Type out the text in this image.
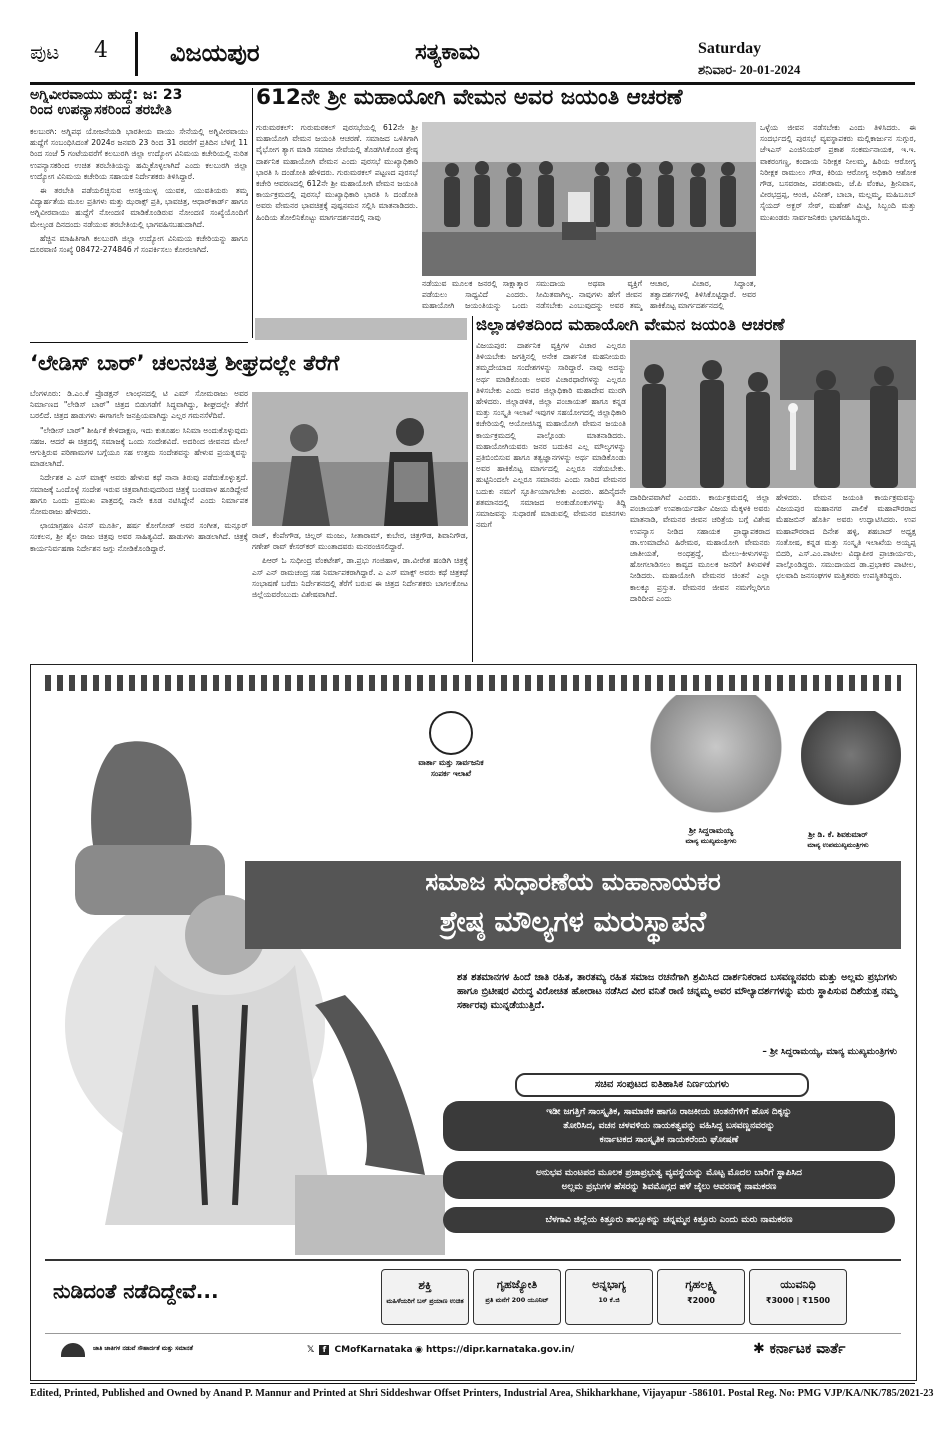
ಪುಟ 4	ವಿಜಯಪುರ	ಸತ್ಯಕಾಮ	Saturday
ಶನಿವಾರ- 20-01-2024
ಅಗ್ನಿವೀರವಾಯು ಹುದ್ದೆ: ಜ: 23
ರಿಂದ ಉಪನ್ಯಾಸಕರಿಂದ ತರಬೇತಿ

ಕಲಬುರಗಿ: ಅಗ್ನಿಪಥ ಯೋಜನೆಯಡಿ ಭಾರತೀಯ ವಾಯು ಸೇನೆಯಲ್ಲಿ ಅಗ್ನಿವೀರವಾಯು ಹುದ್ದೆಗೆ ಸಂಬಂಧಿಸಿದಂತೆ 2024ರ ಜನವರಿ 23 ರಿಂದ 31 ರವರೆಗೆ ಪ್ರತಿದಿನ ಬೆಳಿಗ್ಗೆ 11 ರಿಂದ ಸಂಜೆ 5 ಗಂಟೆಯವರೆಗೆ ಕಲಬುರಗಿ ಜಿಲ್ಲಾ ಉದ್ಯೋಗ ವಿನಿಮಯ ಕಚೇರಿಯಲ್ಲಿ ನುರಿತ ಉಪನ್ಯಾಸಕರಿಂದ ಉಚಿತ ತರಬೇತಿಯನ್ನು ಹಮ್ಮಿಕೊಳ್ಳಲಾಗಿದೆ ಎಂದು ಕಲಬುರಗಿ ಜಿಲ್ಲಾ ಉದ್ಯೋಗ ವಿನಿಮಯ ಕಚೇರಿಯ ಸಹಾಯಕ ನಿರ್ದೇಶಕರು ತಿಳಿಸಿದ್ದಾರೆ.

ಈ ತರಬೇತಿ ಪಡೆಯಲಿಚ್ಛಿಸುವ ಆಸಕ್ತಿಯುಳ್ಳ ಯುವಕ, ಯುವತಿಯರು ತಮ್ಮ ವಿದ್ಯಾರ್ಹತೆಯ ಮೂಲ ಪ್ರತಿಗಳು ಮತ್ತು ಝರಾಕ್ಸ್ ಪ್ರತಿ, ಭಾವಚಿತ್ರ, ಆಧಾರ್‌ಕಾರ್ಡ್ ಹಾಗೂ ಅಗ್ನಿವೀರವಾಯು ಹುದ್ದೆಗೆ ನೋಂದಣಿ ಮಾಡಿಕೊಂಡಿರುವ ನೋಂದಣಿ ಸಂಖ್ಯೆಯೊಂದಿಗೆ ಮೇಲ್ಕಂಡ ದಿನದಂದು ನಡೆಯುವ ತರಬೇತಿಯಲ್ಲಿ ಭಾಗವಹಿಸಬಹುದಾಗಿದೆ.

ಹೆಚ್ಚಿನ ಮಾಹಿತಿಗಾಗಿ ಕಲಬುರಗಿ ಜಿಲ್ಲಾ ಉದ್ಯೋಗ ವಿನಿಮಯ ಕಚೇರಿಯನ್ನು ಹಾಗೂ ದೂರವಾಣಿ ಸಂಖ್ಯೆ 08472-274846 ಗೆ ಸಂಪರ್ಕಿಸಲು ಕೋರಲಾಗಿದೆ.

612ನೇ ಶ್ರೀ ಮಹಾಯೋಗಿ ವೇಮನ ಅವರ ಜಯಂತಿ ಆಚರಣೆ
ಗುರುಮಠಕಲ್: ಗುರುಮಠಕಲ್ ಪುರಸಭೆಯಲ್ಲಿ 612ನೇ ಶ್ರೀ ಮಹಾಯೋಗಿ ವೇಮನ ಜಯಂತಿ ಆಚರಣೆ. ಸಮಾಜದ ಒಳಿತಿಗಾಗಿ ವೈಭೋಗ ತ್ಯಾಗ ಮಾಡಿ ಸಮಾಜ ಸೇವೆಯಲ್ಲಿ ತೊಡಗಿಸಿಕೊಂಡ ಶ್ರೇಷ್ಠ ದಾರ್ಶನಿಕ ಮಹಾಯೋಗಿ ವೇಮನ ಎಂದು ಪುರಸಭೆ ಮುಖ್ಯಾಧಿಕಾರಿ ಭಾರತಿ ಸಿ ದಂಡೋತಿ ಹೇಳಿದರು. ಗುರುಮಠಕಲ್ ಪಟ್ಟಣದ ಪುರಸಭೆ ಕಚೇರಿ ಆವರಣದಲ್ಲಿ 612ನೇ ಶ್ರೀ ಮಹಾಯೋಗಿ ವೇಮನ ಜಯಂತಿ ಕಾರ್ಯಕ್ರಮದಲ್ಲಿ ಪುರಸಭೆ ಮುಖ್ಯಾಧಿಕಾರಿ ಭಾರತಿ ಸಿ ದಂಡೋತಿ ಅವರು ವೇಮನರ ಭಾವಚಿತ್ರಕ್ಕೆ ಪುಷ್ಪನಮನ ಸಲ್ಲಿಸಿ ಮಾತನಾಡಿದರು. ಹಿಂದಿಯ ತೋಲಿನಿಕೊಟ್ಟು ಮಾರ್ಗದರ್ಶನದಲ್ಲಿ ನಾವು
ನಡೆಯುವ ಮೂಲಕ ಜನರಲ್ಲಿ ಸಾಕ್ಷಾತ್ಕಾರ ಪಡೆಯಲು ಸಾಧ್ಯವಿದೆ ಎಂದರು. ಮಹಾಯೋಗಿ ಜಯಂತಿಯನ್ನು ಒಂದು ಸಮುದಾಯ ಅಥವಾ ವ್ಯಕ್ತಿಗೆ ಸೀಮಿತವಾಗಿಲ್ಲ. ನಾವುಗಳು ಹೇಗೆ ಜೀವನ ನಡೆಸಬೇಕು ಎಂಬುವುದನ್ನು ಅವರ ತಮ್ಮ ಆಚಾರ, ವಿಚಾರ, ಸಿದ್ಧಾಂತ, ತತ್ವಾದರ್ಶಗಳಲ್ಲಿ ತಿಳಿಸಿಕೊಟ್ಟಿದ್ದಾರೆ. ಅವರ ಹಾಕಿಕೊಟ್ಟ ಮಾರ್ಗದರ್ಶನದಲ್ಲಿ
ಒಳ್ಳೆಯ ಜೀವನ ನಡೆಸಬೇಕು ಎಂದು ತಿಳಿಸಿದರು. ಈ ಸಂದರ್ಭದಲ್ಲಿ ಪುರಸಭೆ ವ್ಯವಸ್ಥಾಪಕರು ಮಲ್ಲಿಕಾರ್ಜುನ ಸುಗ್ಗುರ, ಜೆಇಎಸ್ ಎಂಜಿನಿಯರ್ ಪ್ರಕಾಶ ಸಂಕರ್ಮನಾಯಕ, ಇ.ಇ. ವಾಕರಂಗಣ್ಣ, ಕಂದಾಯ ನಿರೀಕ್ಷಕ ನೀಲಮ್ಮ, ಹಿರಿಯ ಆರೋಗ್ಯ ನಿರೀಕ್ಷಕ ರಾಮುಲು ಗೌಡ, ಕಿರಿಯ ಆರೋಗ್ಯ ಅಧಿಕಾರಿ ಆಶೋಕ ಗೌಡ, ಬಸವರಾಜ, ಪರಶುರಾಮ, ಜೆ.ಪಿ ವೆಂಕಟ, ಶ್ರೀನಿವಾಸ, ವೀರಭದ್ರಪ್ಪ, ಆಂಜಿ, ವಿನೀತ್, ಬಾಬಾ, ಮಲ್ಲಮ್ಮ, ಮಹಿಬೂಬ್ ಸೈಯದ್ ಅಕ್ಬರ್ ಸೇಠ್, ಮಹೇಶ್ ಮಿಟ್ಟಿ, ಸಿಬ್ಬಂದಿ ಮತ್ತು ಮುಖಂಡರು ಸಾರ್ವಜನಿಕರು ಭಾಗವಹಿಸಿದ್ದರು.
‘ಲೇಡಿಸ್ ಬಾರ್’ ಚಲನಚಿತ್ರ ಶೀಘ್ರದಲ್ಲೇ ತೆರೆಗೆ

ಬೆಂಗಳೂರು: ಡಿ.ಎಂ.ಕೆ ಪ್ರೊಡಕ್ಷನ್ ಲಾಂಛನದಲ್ಲಿ ಟಿ ಎಮ್ ಸೋಮರಾಜು ಅವರ ನಿರ್ಮಾಣದ "ಲೇಡಿಸ್ ಬಾರ್" ಚಿತ್ರದ ಬಿಡುಗಡೆಗೆ ಸಿದ್ಧವಾಗಿದ್ದು, ಶೀಘ್ರದಲ್ಲೇ ತೆರೆಗೆ ಬರಲಿದೆ. ಚಿತ್ರದ ಹಾಡುಗಳು ಈಗಾಗಲೇ ಜನಪ್ರಿಯವಾಗಿದ್ದು ಎಲ್ಲರ ಗಮನಸೆಳೆದಿವೆ.

"ಲೇಡೀಸ್ ಬಾರ್" ಶೀರ್ಷಿಕೆ ಕೇಳಿದಾಕ್ಷಣ, ಇದು ಕುತೂಹಲ ಸಿನಿಮಾ ಅಂದುಕೊಳ್ಳುವುದು ಸಹಜ. ಆದರೆ ಈ ಚಿತ್ರದಲ್ಲಿ ಸಮಾಜಕ್ಕೆ ಒಂದು ಸಂದೇಶವಿದೆ. ಅದರಿಂದ ಜೀವನದ ಮೇಲೆ ಆಗುತ್ತಿರುವ ಪರಿಣಾಮಗಳ ಬಗ್ಗೆಯೂ ಸಹ ಉತ್ತಮ ಸಂದೇಶವನ್ನು ಹೇಳುವ ಪ್ರಯತ್ನವನ್ನು ಮಾಡಲಾಗಿದೆ.

ನಿರ್ದೇಶಕ ಎ ಎಸ್ ಮಾಕ್ಸ್ ಅವರು ಹೇಳುವ ಕಥೆ ನಾನಾ ತಿರುವು ಪಡೆದುಕೊಳ್ಳುತ್ತದೆ. ಸಮಾಜಕ್ಕೆ ಒಂದೊಳ್ಳೆ ಸಂದೇಶ ಇರುವ ಚಿತ್ರವಾಗಿರುವುದರಿಂದ ಚಿತ್ರಕ್ಕೆ ಬಂಡವಾಳ ಹೂಡಿದ್ದೇವೆ ಹಾಗೂ ಒಂದು ಪ್ರಮುಖ ಪಾತ್ರದಲ್ಲಿ ನಾನೇ ಕೂಡ ನಟಿಸಿದ್ದೇನೆ ಎಂದು ನಿರ್ಮಾಪಕ ಸೋಮರಾಜು ಹೇಳಿದರು.

ಛಾಯಾಗ್ರಹಣ ವಿನಸ್ ಮೂರ್ತಿ, ಹರ್ಷ ಕೋಗೋಡ್ ಅವರ ಸಂಗೀತ, ಮನ್ಸೂರ್ ಸಂಕಲನ, ಶ್ರೀ ಶೈಲ ರಾಜು ಚಿತ್ರವು ಅವರ ಸಾಹಿತ್ಯವಿದೆ. ಹಾಡುಗಳು ಹಾಡಲಾಗಿದೆ. ಚಿತ್ರಕ್ಕೆ ಕಾರ್ಯನಿರ್ವಹಣಾ ನಿರ್ದೇಶನ ಜಗ್ಗು ನೋಡಿಕೊಂಡಿದ್ದಾರೆ.

ರಾಜ್, ಕೆಂಪೇಗೌಡ, ಚಿಲ್ಲರ್ ಮಂಜು, ಸೀತಾರಾಮ್, ಕುಬೇರ, ಚಿತ್ರಗೌಡ, ಶಿವಾನಿಗೌಡ, ಗಣೇಶ್ ರಾವ್ ಕೇಸರ್‌ಕರ್ ಮುಂತಾದವರು ಮನರಂಜಿಸಲಿದ್ದಾರೆ.

ಪಿಆರ್ ಓ ಸುಧೀಂದ್ರ ವೆಂಕಟೇಶ್, ಡಾ.ಪ್ರಭು ಗಂಜಿಹಾಳ, ಡಾ.ವೀರೇಶ ಹಂಡಿಗಿ ಚಿತ್ರಕ್ಕೆ ಎಸ್ ಎನ್ ರಾಮಚಂದ್ರ ಸಹ ನಿರ್ಮಾಪಕರಾಗಿದ್ದಾರೆ. ಎ ಎಸ್ ಮಾಕ್ಸ್ ಅವರು ಕಥೆ ಚಿತ್ರಕಥೆ ಸಂಭಾಷಣೆ ಬರೆದು ನಿರ್ದೇಶನದಲ್ಲಿ ತೆರೆಗೆ ಬರುವ ಈ ಚಿತ್ರದ ನಿರ್ದೇಶಕರು ಬಾಗಲಕೋಟ ಜಿಲ್ಲೆಯವರೆಂಬುದು ವಿಶೇಷವಾಗಿದೆ.

ಜಿಲ್ಲಾಡಳಿತದಿಂದ ಮಹಾಯೋಗಿ ವೇಮನ ಜಯಂತಿ ಆಚರಣೆ
ವಿಜಯಪುರ: ದಾರ್ಶನಿಕ ವ್ಯಕ್ತಿಗಳ ವಿಚಾರ ಎಲ್ಲರೂ ತಿಳಿಯಬೇಕು ಜಗತ್ತಿನಲ್ಲಿ ಅನೇಕ ದಾರ್ಶನಿಕ ಮಹನೀಯರು ತಮ್ಮದೇಯಾದ ಸಂದೇಶಗಳನ್ನು ಸಾರಿದ್ದಾರೆ. ನಾವು ಅದನ್ನು ಅರ್ಥ ಮಾಡಿಕೊಂಡು ಅವರ ವಿಚಾರಧಾರೆಗಳನ್ನು ಎಲ್ಲರೂ ತಿಳಿಸಬೇಕು ಎಂದು ಅಪರ ಜಿಲ್ಲಾಧಿಕಾರಿ ಮಹಾದೇವ ಮುರಗಿ ಹೇಳಿದರು. ಜಿಲ್ಲಾಡಳಿತ, ಜಿಲ್ಲಾ ಪಂಚಾಯತ್ ಹಾಗೂ ಕನ್ನಡ ಮತ್ತು ಸಂಸ್ಕೃತಿ ಇಲಾಖೆ ಇವುಗಳ ಸಹಯೋಗದಲ್ಲಿ ಜಿಲ್ಲಾಧಿಕಾರಿ ಕಚೇರಿಯಲ್ಲಿ ಆಯೋಜಿಸಿದ್ದ ಮಹಾಯೋಗಿ ವೇಮನ ಜಯಂತಿ ಕಾರ್ಯಕ್ರಮದಲ್ಲಿ ಪಾಲ್ಗೊಂಡು ಮಾತನಾಡಿದರು. ಮಹಾಯೋಗಿಯವರು ಜನರ ಬದುಕಿನ ಎಲ್ಲ ಮೌಲ್ಯಗಳನ್ನು ಪ್ರತಿಬಿಂಬಿಸುವ ಹಾಗೂ ತತ್ವಜ್ಞಾನಗಳನ್ನು ಅರ್ಥ ಮಾಡಿಕೊಂಡು ಅವರ ಹಾಕಿಕೊಟ್ಟ ಮಾರ್ಗದಲ್ಲಿ ಎಲ್ಲರೂ ನಡೆಯಬೇಕು. ಹುಟ್ಟಿನಿಂದಲೇ ಎಲ್ಲರೂ ಸಮಾನರು ಎಂದು ಸಾರಿದ ವೇಮನರ ಬದುಕು ನಮಗೆ ಸ್ಫೂರ್ತಿಯಾಗಬೇಕು ಎಂದರು. ಹದಿನೈದನೇ ಶತಮಾನದಲ್ಲಿ ಸಮಾಜದ ಅಂಕುಡೊಂಕುಗಳನ್ನು ತಿದ್ದಿ ಸಮಾಜವನ್ನು ಸುಧಾರಣೆ ಮಾಡುವಲ್ಲಿ ವೇಮನರ ವಚನಗಳು ನಮಗೆ
ದಾರಿದೀಪವಾಗಿವೆ ಎಂದರು. ಕಾರ್ಯಕ್ರಮದಲ್ಲಿ ಜಿಲ್ಲಾ ಪಂಚಾಯತ್ ಉಪಕಾರ್ಯದರ್ಶಿ ವಿಜಯ ಮೆಕ್ಕಳಕಿ ಅವರು ಮಾತನಾಡಿ, ವೇಮನರ ಜೀವನ ಚರಿತ್ರೆಯ ಬಗ್ಗೆ ವಿಶೇಷ ಉಪನ್ಯಾಸ ನೀಡಿದ ಸಹಾಯಕ ಪ್ರಾಧ್ಯಾಪಕರಾದ ಡಾ.ಉಮಾದೇವಿ ಹಿರೇಮಠ, ಮಹಾಯೋಗಿ ವೇಮನರು ಜಾತೀಯತೆ, ಅಂಧಶ್ರದ್ಧೆ, ಮೇಲು-ಕೀಳುಗಳನ್ನು ಹೋಗಲಾಡಿಸಲು ಕಾವ್ಯದ ಮೂಲಕ ಜನರಿಗೆ ತಿಳುವಳಿಕೆ ನೀಡಿದರು. ಮಹಾಯೋಗಿ ವೇಮನರ ಚಿಂತನೆ ಎಲ್ಲಾ ಕಾಲಕ್ಕೂ ಪ್ರಸ್ತುತ. ವೇಮನರ ಜೀವನ ನಮಗೆಲ್ಲರಿಗೂ ದಾರಿದೀಪ ಎಂದು
ಹೇಳಿದರು. ವೇಮನ ಜಯಂತಿ ಕಾರ್ಯಕ್ರಮವನ್ನು ವಿಜಯಪುರ ಮಹಾನಗರ ಪಾಲಿಕೆ ಮಹಾಪೌರರಾದ ಮೆಹಜಬಿನ್ ಹೊರ್ತಿ ಅವರು ಉದ್ಘಾಟಿಸಿದರು. ಉಪ ಮಹಾಪೌರರಾದ ದಿನೇಶ ಹಳ್ಳಿ, ಶಹಬಾದ್ ಅಧ್ಯಕ್ಷ ಸಂತೋಷ, ಕನ್ನಡ ಮತ್ತು ಸಂಸ್ಕೃತಿ ಇಲಾಖೆಯ ಅಯ್ಯಪ್ಪ ಬಿದರಿ, ಎಸ್.ಎಂ.ಪಾಟೀಲ ವಿದ್ಯಾಪೀಠ ಪ್ರಾಚಾರ್ಯರು, ಪಾಲ್ಗೊಂಡಿದ್ದರು. ಸಮುದಾಯದ ಡಾ.ಪ್ರಭಾಕರ ಪಾಟೀಲ, ಛಲವಾದಿ ಜನಸಂಘಗಳ ಮತ್ತಿತರರು ಉಪಸ್ಥಿತರಿದ್ದರು.
ವಾರ್ತಾ ಮತ್ತು ಸಾರ್ವಜನಿಕ
ಸಂಪರ್ಕ ಇಲಾಖೆ
ಶ್ರೀ ಸಿದ್ದರಾಮಯ್ಯ
ಮಾನ್ಯ ಮುಖ್ಯಮಂತ್ರಿಗಳು
ಶ್ರೀ ಡಿ. ಕೆ. ಶಿವಕುಮಾರ್
ಮಾನ್ಯ ಉಪಮುಖ್ಯಮಂತ್ರಿಗಳು
ಸಮಾಜ ಸುಧಾರಣೆಯ ಮಹಾನಾಯಕರ
ಶ್ರೇಷ್ಠ ಮೌಲ್ಯಗಳ ಮರುಸ್ಥಾಪನೆ
ಶತ ಶತಮಾನಗಳ ಹಿಂದೆ ಜಾತಿ ರಹಿತ, ತಾರತಮ್ಯ ರಹಿತ ಸಮಾಜ ರಚನೆಗಾಗಿ ಶ್ರಮಿಸಿದ ದಾರ್ಶನಿಕರಾದ ಬಸವಣ್ಣನವರು ಮತ್ತು ಅಲ್ಲಮ ಪ್ರಭುಗಳು ಹಾಗೂ ಬ್ರಿಟೀಷರ ವಿರುದ್ಧ ವಿರೋಚಿತ ಹೋರಾಟ ನಡೆಸಿದ ವೀರ ವನಿತೆ ರಾಣಿ ಚನ್ನಮ್ಮ ಅವರ ಮೌಲ್ಯಾದರ್ಶಗಳನ್ನು ಮರು ಸ್ಥಾಪಿಸುವ ದಿಶೆಯತ್ತ ನಮ್ಮ ಸರ್ಕಾರವು ಮುನ್ನಡೆಯುತ್ತಿದೆ.
– ಶ್ರೀ ಸಿದ್ದರಾಮಯ್ಯ, ಮಾನ್ಯ ಮುಖ್ಯಮಂತ್ರಿಗಳು
ಸಚಿವ ಸಂಪುಟದ ಐತಿಹಾಸಿಕ ನಿರ್ಣಯಗಳು
ಇಡೀ ಜಗತ್ತಿಗೆ ಸಾಂಸ್ಕೃತಿಕ, ಸಾಮಾಜಿಕ ಹಾಗೂ ರಾಜಕೀಯ ಚಿಂತನೆಗಳಿಗೆ ಹೊಸ ದಿಕ್ಕನ್ನು
ತೋರಿಸಿದ, ವಚನ ಚಳವಳಿಯ ನಾಯಕತ್ವವನ್ನು ವಹಿಸಿದ್ದ ಬಸವಣ್ಣನವರನ್ನು
ಕರ್ನಾಟಕದ ಸಾಂಸ್ಕೃತಿಕ ನಾಯಕರೆಂದು ಘೋಷಣೆ
ಅನುಭವ ಮಂಟಪದ ಮೂಲಕ ಪ್ರಜಾಪ್ರಭುತ್ವ ವ್ಯವಸ್ಥೆಯನ್ನು ಮೊಟ್ಟ ಮೊದಲ ಬಾರಿಗೆ ಸ್ಥಾಪಿಸಿದ
ಅಲ್ಲಮ ಪ್ರಭುಗಳ ಹೆಸರನ್ನು ಶಿವಮೊಗ್ಗದ ಹಳೆ ಜೈಲು ಆವರಣಕ್ಕೆ ನಾಮಕರಣ
ಬೆಳಗಾವಿ ಜಿಲ್ಲೆಯ ಕಿತ್ತೂರು ತಾಲ್ಲೂಕನ್ನು ಚನ್ನಮ್ಮನ ಕಿತ್ತೂರು ಎಂದು ಮರು ನಾಮಕರಣ
ನುಡಿದಂತೆ ನಡೆದಿದ್ದೇವೆ...	ಶಕ್ತಿ
ಮಹಿಳೆಯರಿಗೆ ಬಸ್ ಪ್ರಯಾಣ ಉಚಿತ
ಗೃಹಜ್ಯೋತಿ
ಪ್ರತಿ ಮನೆಗೆ 200 ಯೂನಿಟ್
ಅನ್ನಭಾಗ್ಯ
10 ಕೆ.ಜಿ
ಗೃಹಲಕ್ಷ್ಮಿ
₹2000
ಯುವನಿಧಿ
₹3000 | ₹1500
ಜಾತಿ ಜಾತಿಗಳ ನಡುವೆ ಸೌಹಾರ್ದತೆ ಮತ್ತು ಸಮಾನತೆ	𝕏 f CMofKarnataka ◉ https://dipr.karnataka.gov.in/	✱ ಕರ್ನಾಟಕ ವಾರ್ತೆ
Edited, Printed, Published and Owned by Anand P. Mannur and Printed at Shri Siddeshwar Offset Printers, Industrial Area, Shikharkhane, Vijayapur -586101. Postal Reg. No: PMG VJP/KA/NK/785/2021-23
